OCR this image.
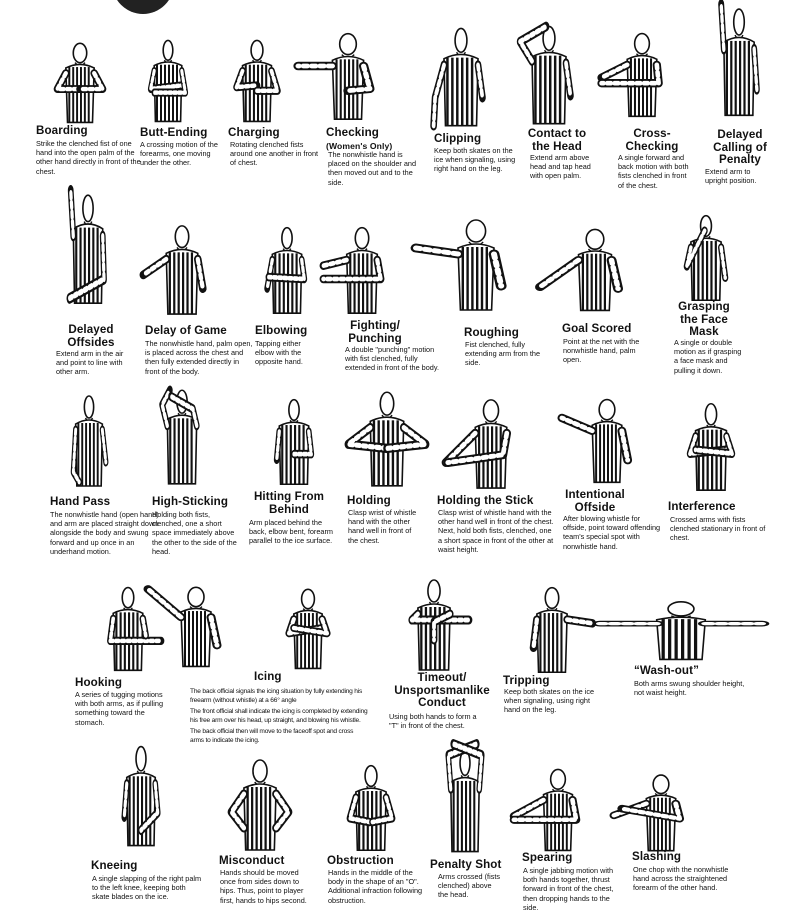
Boarding
Strike the clenched fist of one hand into the open palm of the other hand directly in front of the chest.
Butt-Ending
A crossing motion of the forearms, one moving under the other.
Charging
Rotating clenched fists around one another in front of chest.
Checking
(Women's Only)
The nonwhistle hand is placed on the shoulder and then moved out and to the side.
Clipping
Keep both skates on the ice when signaling, using right hand on the leg.
Contact to the Head
Extend arm above head and tap head with open palm.
Cross-Checking
A single forward and back motion with both fists clenched in front of the chest.
Delayed Calling of Penalty
Extend arm to upright position.
Delayed Offsides
Extend arm in the air and point to line with other arm.
Delay of Game
The nonwhistle hand, palm open, is placed across the chest and then fully extended directly in front of the body.
Elbowing
Tapping either elbow with the opposite hand.
Fighting/ Punching
A double "punching" motion with fist clenched, fully extended in front of the body.
Roughing
Fist clenched, fully extending arm from the side.
Goal Scored
Point at the net with the nonwhistle hand, palm open.
Grasping the Face Mask
A single or double motion as if grasping a face mask and pulling it down.
Hand Pass
The nonwhistle hand (open hand) and arm are placed straight down alongside the body and swung forward and up once in an underhand motion.
High-Sticking
Holding both fists, clenched, one a short space immediately above the other to the side of the head.
Hitting From Behind
Arm placed behind the back, elbow bent, forearm parallel to the ice surface.
Holding
Clasp wrist of whistle hand with the other hand well in front of the chest.
Holding the Stick
Clasp wrist of whistle hand with the other hand well in front of the chest. Next, hold both fists, clenched, one a short space in front of the other at waist height.
Intentional Offside
After blowing whistle for offside, point toward offending team's special spot with nonwhistle hand.
Interference
Crossed arms with fists clenched stationary in front of chest.
Hooking
A series of tugging motions with both arms, as if pulling something toward the stomach.
Icing

The back official signals the icing situation by fully extending his freearm (without whistle) at a 66° angle

The front official shall indicate the icing is completed by extending his free arm over his head, up straight, and blowing his whistle.

The back official then will move to the faceoff spot and cross arms to indicate the icing.

Timeout/ Unsportsmanlike Conduct
Using both hands to form a "T" in front of the chest.
Tripping
Keep both skates on the ice when signaling, using right hand on the leg.
“Wash-out”
Both arms swung shoulder height, not waist height.
Kneeing
A single slapping of the right palm to the left knee, keeping both skate blades on the ice.
Misconduct
Hands should be moved once from sides down to hips. Thus, point to player first, hands to hips second.
Obstruction
Hands in the middle of the body in the shape of an "O". Additional infraction following obstruction.
Penalty Shot
Arms crossed (fists clenched) above the head.
Spearing
A single jabbing motion with both hands together, thrust forward in front of the chest, then dropping hands to the side.
Slashing
One chop with the nonwhistle hand across the straightened forearm of the other hand.
